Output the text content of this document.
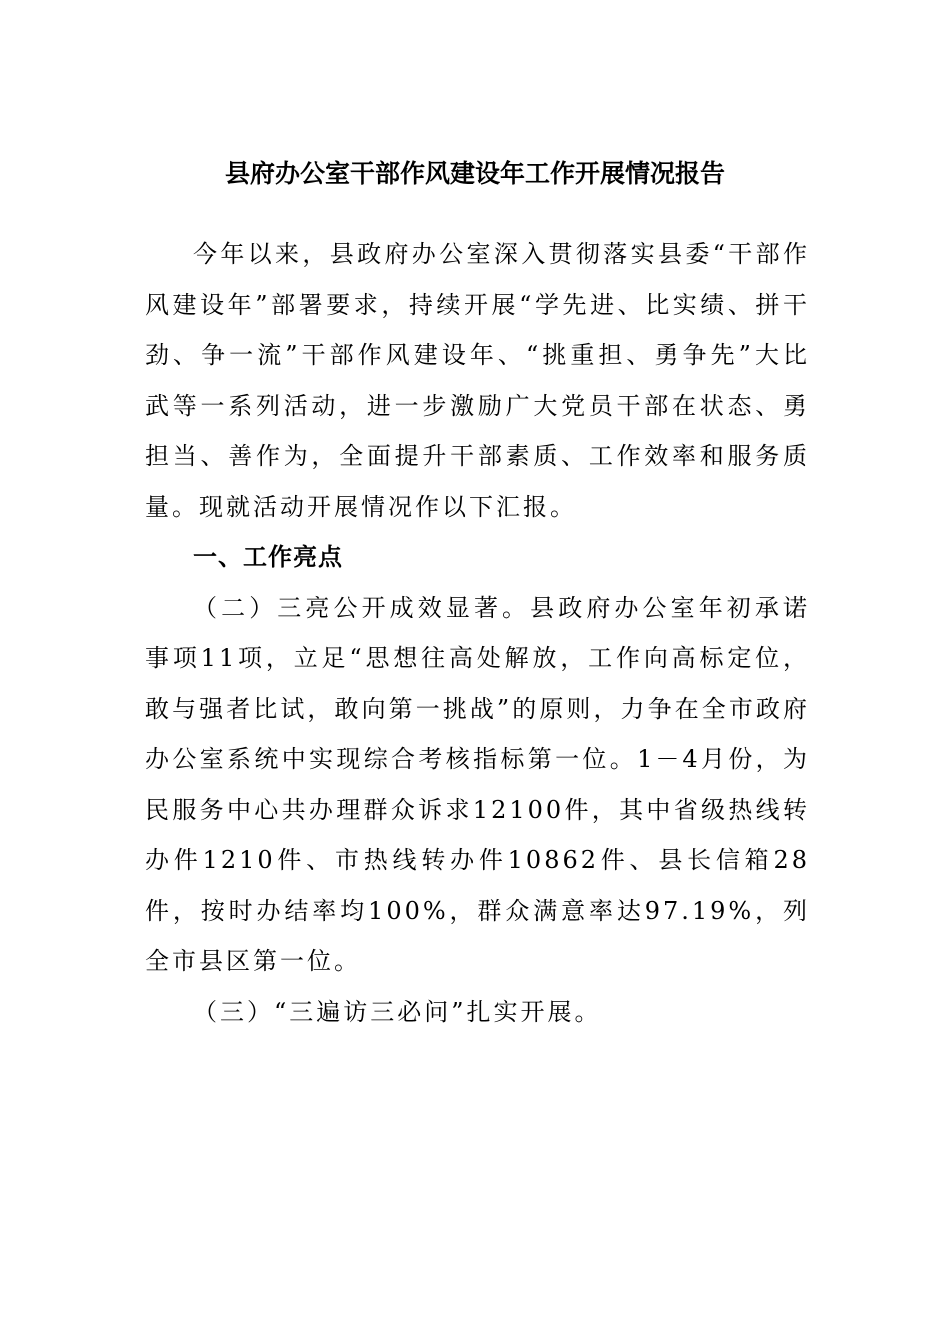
县府办公室干部作风建设年工作开展情况报告

今年以来，县政府办公室深入贯彻落实县委“干部作风建设年”部署要求，持续开展“学先进、比实绩、拼干劲、争一流”干部作风建设年、“挑重担、勇争先”大比武等一系列活动，进一步激励广大党员干部在状态、勇担当、善作为，全面提升干部素质、工作效率和服务质量。现就活动开展情况作以下汇报。

一、工作亮点

（二）三亮公开成效显著。县政府办公室年初承诺事项11项，立足“思想往高处解放，工作向高标定位，敢与强者比试，敢向第一挑战”的原则，力争在全市政府办公室系统中实现综合考核指标第一位。1－4月份，为民服务中心共办理群众诉求12100件，其中省级热线转办件1210件、市热线转办件10862件、县长信箱28件，按时办结率均100%，群众满意率达97.19%，列全市县区第一位。

（三）“三遍访三必问”扎实开展。
